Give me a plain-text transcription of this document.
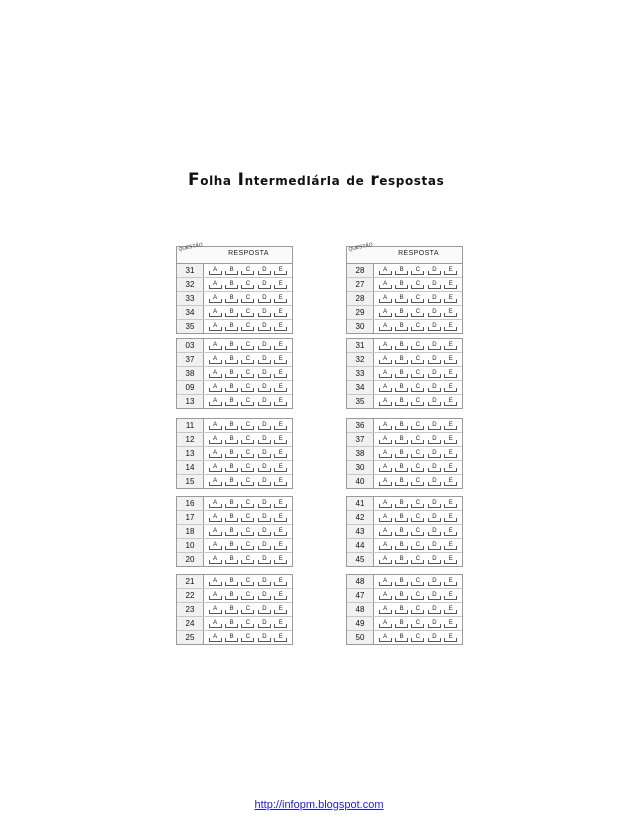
Folha IntermedIárIa de respostas
QUESTÃO
RESPOSTA
31	A	B	C	D	E
32	A	B	C	D	E
33	A	B	C	D	E
34	A	B	C	D	E
35	A	B	C	D	E
03	A	B	C	D	E
37	A	B	C	D	E
38	A	B	C	D	E
09	A	B	C	D	E
13	A	B	C	D	E
11	A	B	C	D	E
12	A	B	C	D	E
13	A	B	C	D	E
14	A	B	C	D	E
15	A	B	C	D	E
16	A	B	C	D	E
17	A	B	C	D	E
18	A	B	C	D	E
10	A	B	C	D	E
20	A	B	C	D	E
21	A	B	C	D	E
22	A	B	C	D	E
23	A	B	C	D	E
24	A	B	C	D	E
25	A	B	C	D	E
QUESTÃO
RESPOSTA
28	A	B	C	D	E
27	A	B	C	D	E
28	A	B	C	D	E
29	A	B	C	D	E
30	A	B	C	D	E
31	A	B	C	D	E
32	A	B	C	D	E
33	A	B	C	D	E
34	A	B	C	D	E
35	A	B	C	D	E
36	A	B	C	D	E
37	A	B	C	D	E
38	A	B	C	D	E
30	A	B	C	D	E
40	A	B	C	D	E
41	A	B	C	D	E
42	A	B	C	D	E
43	A	B	C	D	E
44	A	B	C	D	E
45	A	B	C	D	E
48	A	B	C	D	E
47	A	B	C	D	E
48	A	B	C	D	E
49	A	B	C	D	E
50	A	B	C	D	E
http://infopm.blogspot.com
